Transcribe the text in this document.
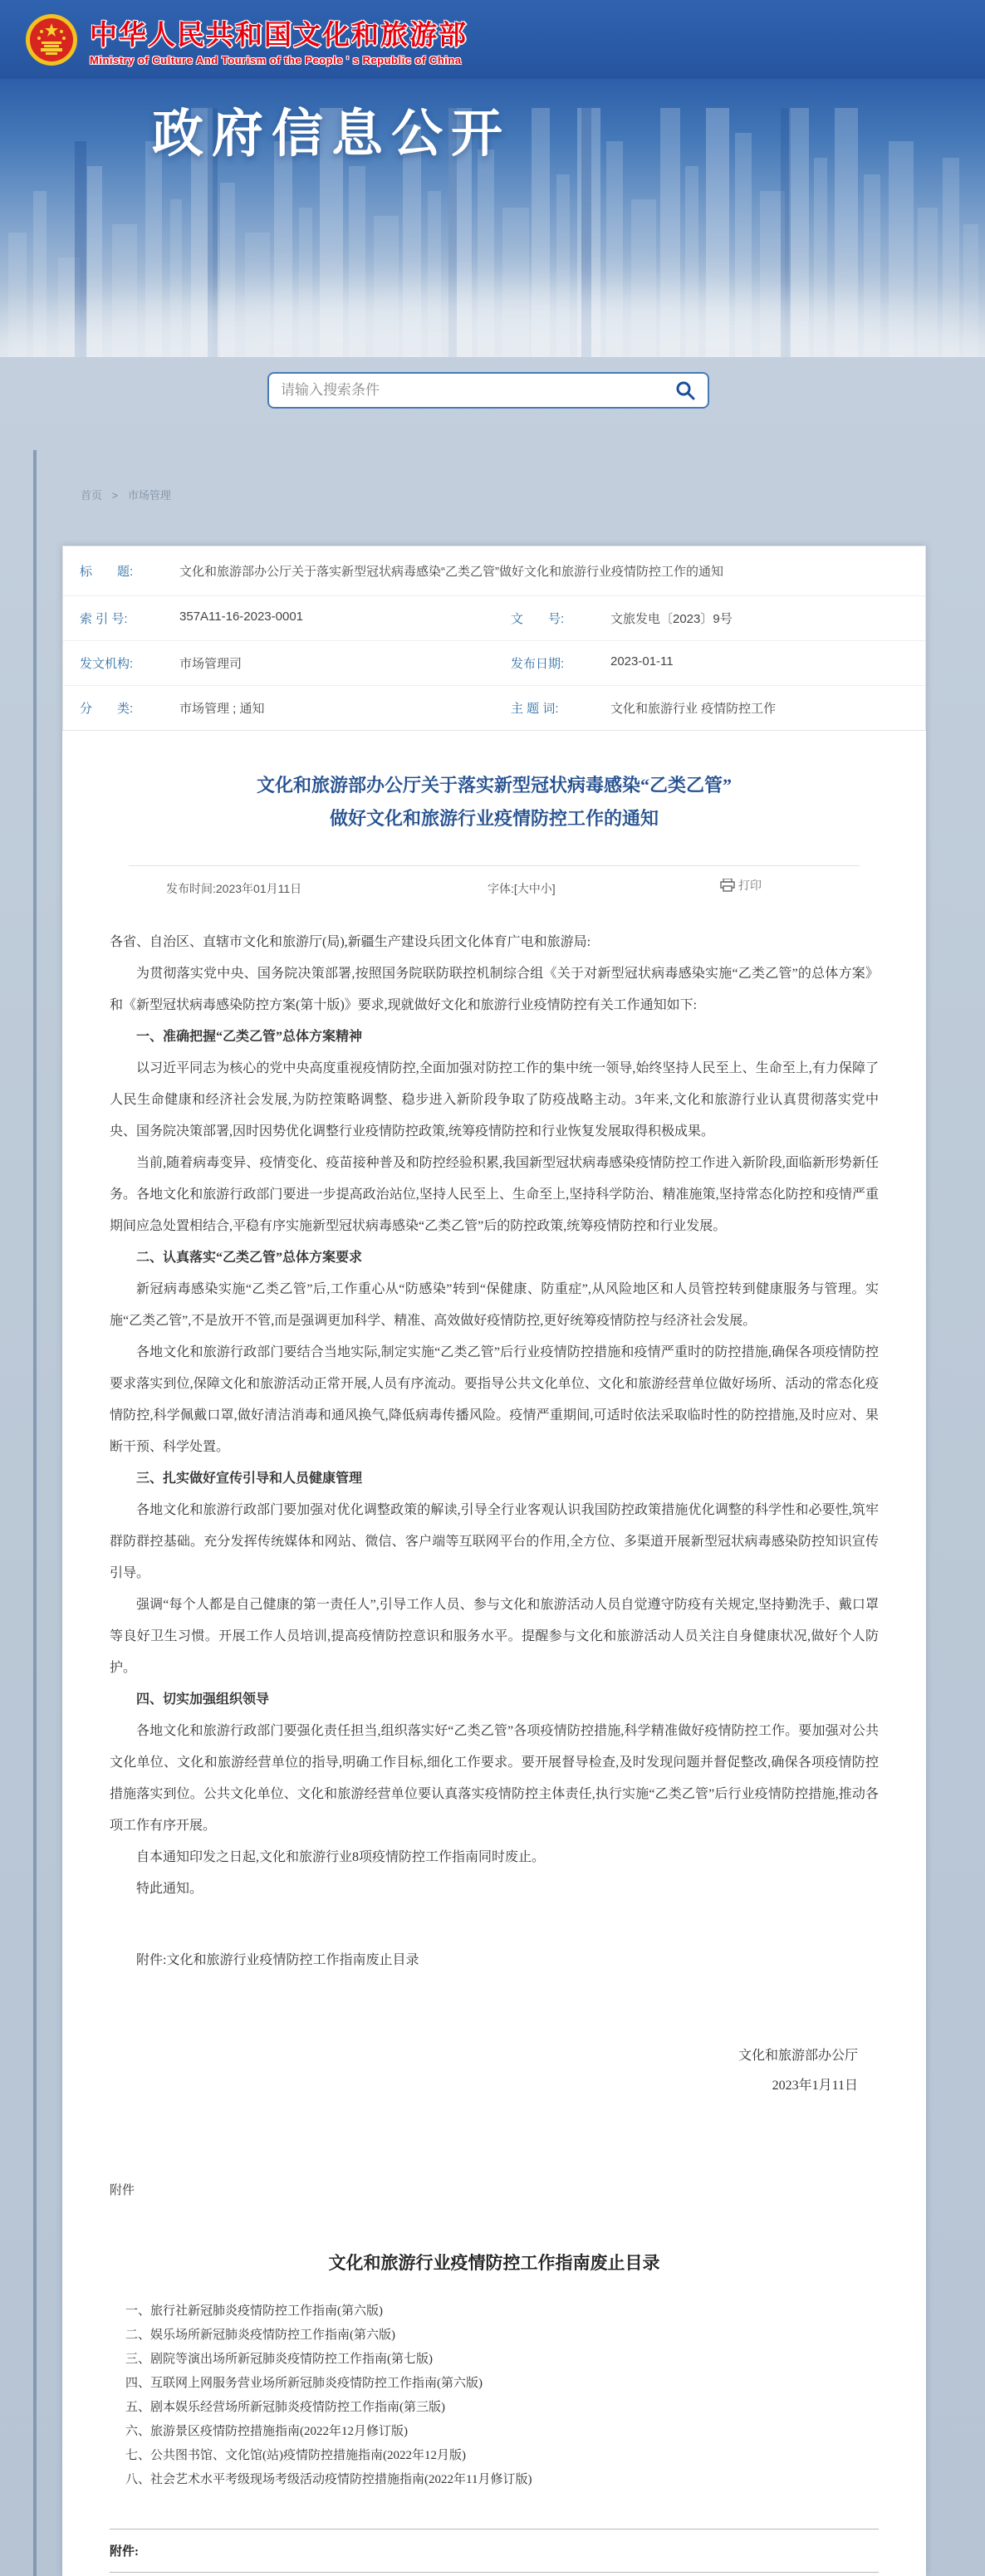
中华人民共和国文化和旅游部
Ministry of Culture And Tourism of the People ' s Republic of China
政府信息公开
请输入搜索条件
首页 > 市场管理
标　　题:	文化和旅游部办公厅关于落实新型冠状病毒感染“乙类乙管”做好文化和旅游行业疫情防控工作的通知
索 引 号:	357A11-16-2023-0001	文　　号:	文旅发电〔2023〕9号
发文机构:	市场管理司	发布日期:	2023-01-11
分　　类:	市场管理 ; 通知	主 题 词:	文化和旅游行业 疫情防控工作
文化和旅游部办公厅关于落实新型冠状病毒感染“乙类乙管”
做好文化和旅游行业疫情防控工作的通知
发布时间:2023年01月11日	字体:[大中小]	打印

各省、自治区、直辖市文化和旅游厅(局),新疆生产建设兵团文化体育广电和旅游局:

为贯彻落实党中央、国务院决策部署,按照国务院联防联控机制综合组《关于对新型冠状病毒感染实施“乙类乙管”的总体方案》和《新型冠状病毒感染防控方案(第十版)》要求,现就做好文化和旅游行业疫情防控有关工作通知如下:

一、准确把握“乙类乙管”总体方案精神

以习近平同志为核心的党中央高度重视疫情防控,全面加强对防控工作的集中统一领导,始终坚持人民至上、生命至上,有力保障了人民生命健康和经济社会发展,为防控策略调整、稳步进入新阶段争取了防疫战略主动。3年来,文化和旅游行业认真贯彻落实党中央、国务院决策部署,因时因势优化调整行业疫情防控政策,统筹疫情防控和行业恢复发展取得积极成果。

当前,随着病毒变异、疫情变化、疫苗接种普及和防控经验积累,我国新型冠状病毒感染疫情防控工作进入新阶段,面临新形势新任务。各地文化和旅游行政部门要进一步提高政治站位,坚持人民至上、生命至上,坚持科学防治、精准施策,坚持常态化防控和疫情严重期间应急处置相结合,平稳有序实施新型冠状病毒感染“乙类乙管”后的防控政策,统筹疫情防控和行业发展。

二、认真落实“乙类乙管”总体方案要求

新冠病毒感染实施“乙类乙管”后,工作重心从“防感染”转到“保健康、防重症”,从风险地区和人员管控转到健康服务与管理。实施“乙类乙管”,不是放开不管,而是强调更加科学、精准、高效做好疫情防控,更好统筹疫情防控与经济社会发展。

各地文化和旅游行政部门要结合当地实际,制定实施“乙类乙管”后行业疫情防控措施和疫情严重时的防控措施,确保各项疫情防控要求落实到位,保障文化和旅游活动正常开展,人员有序流动。要指导公共文化单位、文化和旅游经营单位做好场所、活动的常态化疫情防控,科学佩戴口罩,做好清洁消毒和通风换气,降低病毒传播风险。疫情严重期间,可适时依法采取临时性的防控措施,及时应对、果断干预、科学处置。

三、扎实做好宣传引导和人员健康管理

各地文化和旅游行政部门要加强对优化调整政策的解读,引导全行业客观认识我国防控政策措施优化调整的科学性和必要性,筑牢群防群控基础。充分发挥传统媒体和网站、微信、客户端等互联网平台的作用,全方位、多渠道开展新型冠状病毒感染防控知识宣传引导。

强调“每个人都是自己健康的第一责任人”,引导工作人员、参与文化和旅游活动人员自觉遵守防疫有关规定,坚持勤洗手、戴口罩等良好卫生习惯。开展工作人员培训,提高疫情防控意识和服务水平。提醒参与文化和旅游活动人员关注自身健康状况,做好个人防护。

四、切实加强组织领导

各地文化和旅游行政部门要强化责任担当,组织落实好“乙类乙管”各项疫情防控措施,科学精准做好疫情防控工作。要加强对公共文化单位、文化和旅游经营单位的指导,明确工作目标,细化工作要求。要开展督导检查,及时发现问题并督促整改,确保各项疫情防控措施落实到位。公共文化单位、文化和旅游经营单位要认真落实疫情防控主体责任,执行实施“乙类乙管”后行业疫情防控措施,推动各项工作有序开展。

自本通知印发之日起,文化和旅游行业8项疫情防控工作指南同时废止。

特此通知。

附件:文化和旅游行业疫情防控工作指南废止目录

文化和旅游部办公厅
2023年1月11日
附件
文化和旅游行业疫情防控工作指南废止目录
一、旅行社新冠肺炎疫情防控工作指南(第六版)
二、娱乐场所新冠肺炎疫情防控工作指南(第六版)
三、剧院等演出场所新冠肺炎疫情防控工作指南(第七版)
四、互联网上网服务营业场所新冠肺炎疫情防控工作指南(第六版)
五、剧本娱乐经营场所新冠肺炎疫情防控工作指南(第三版)
六、旅游景区疫情防控措施指南(2022年12月修订版)
七、公共图书馆、文化馆(站)疫情防控措施指南(2022年12月版)
八、社会艺术水平考级现场考级活动疫情防控措施指南(2022年11月修订版)
附件:
